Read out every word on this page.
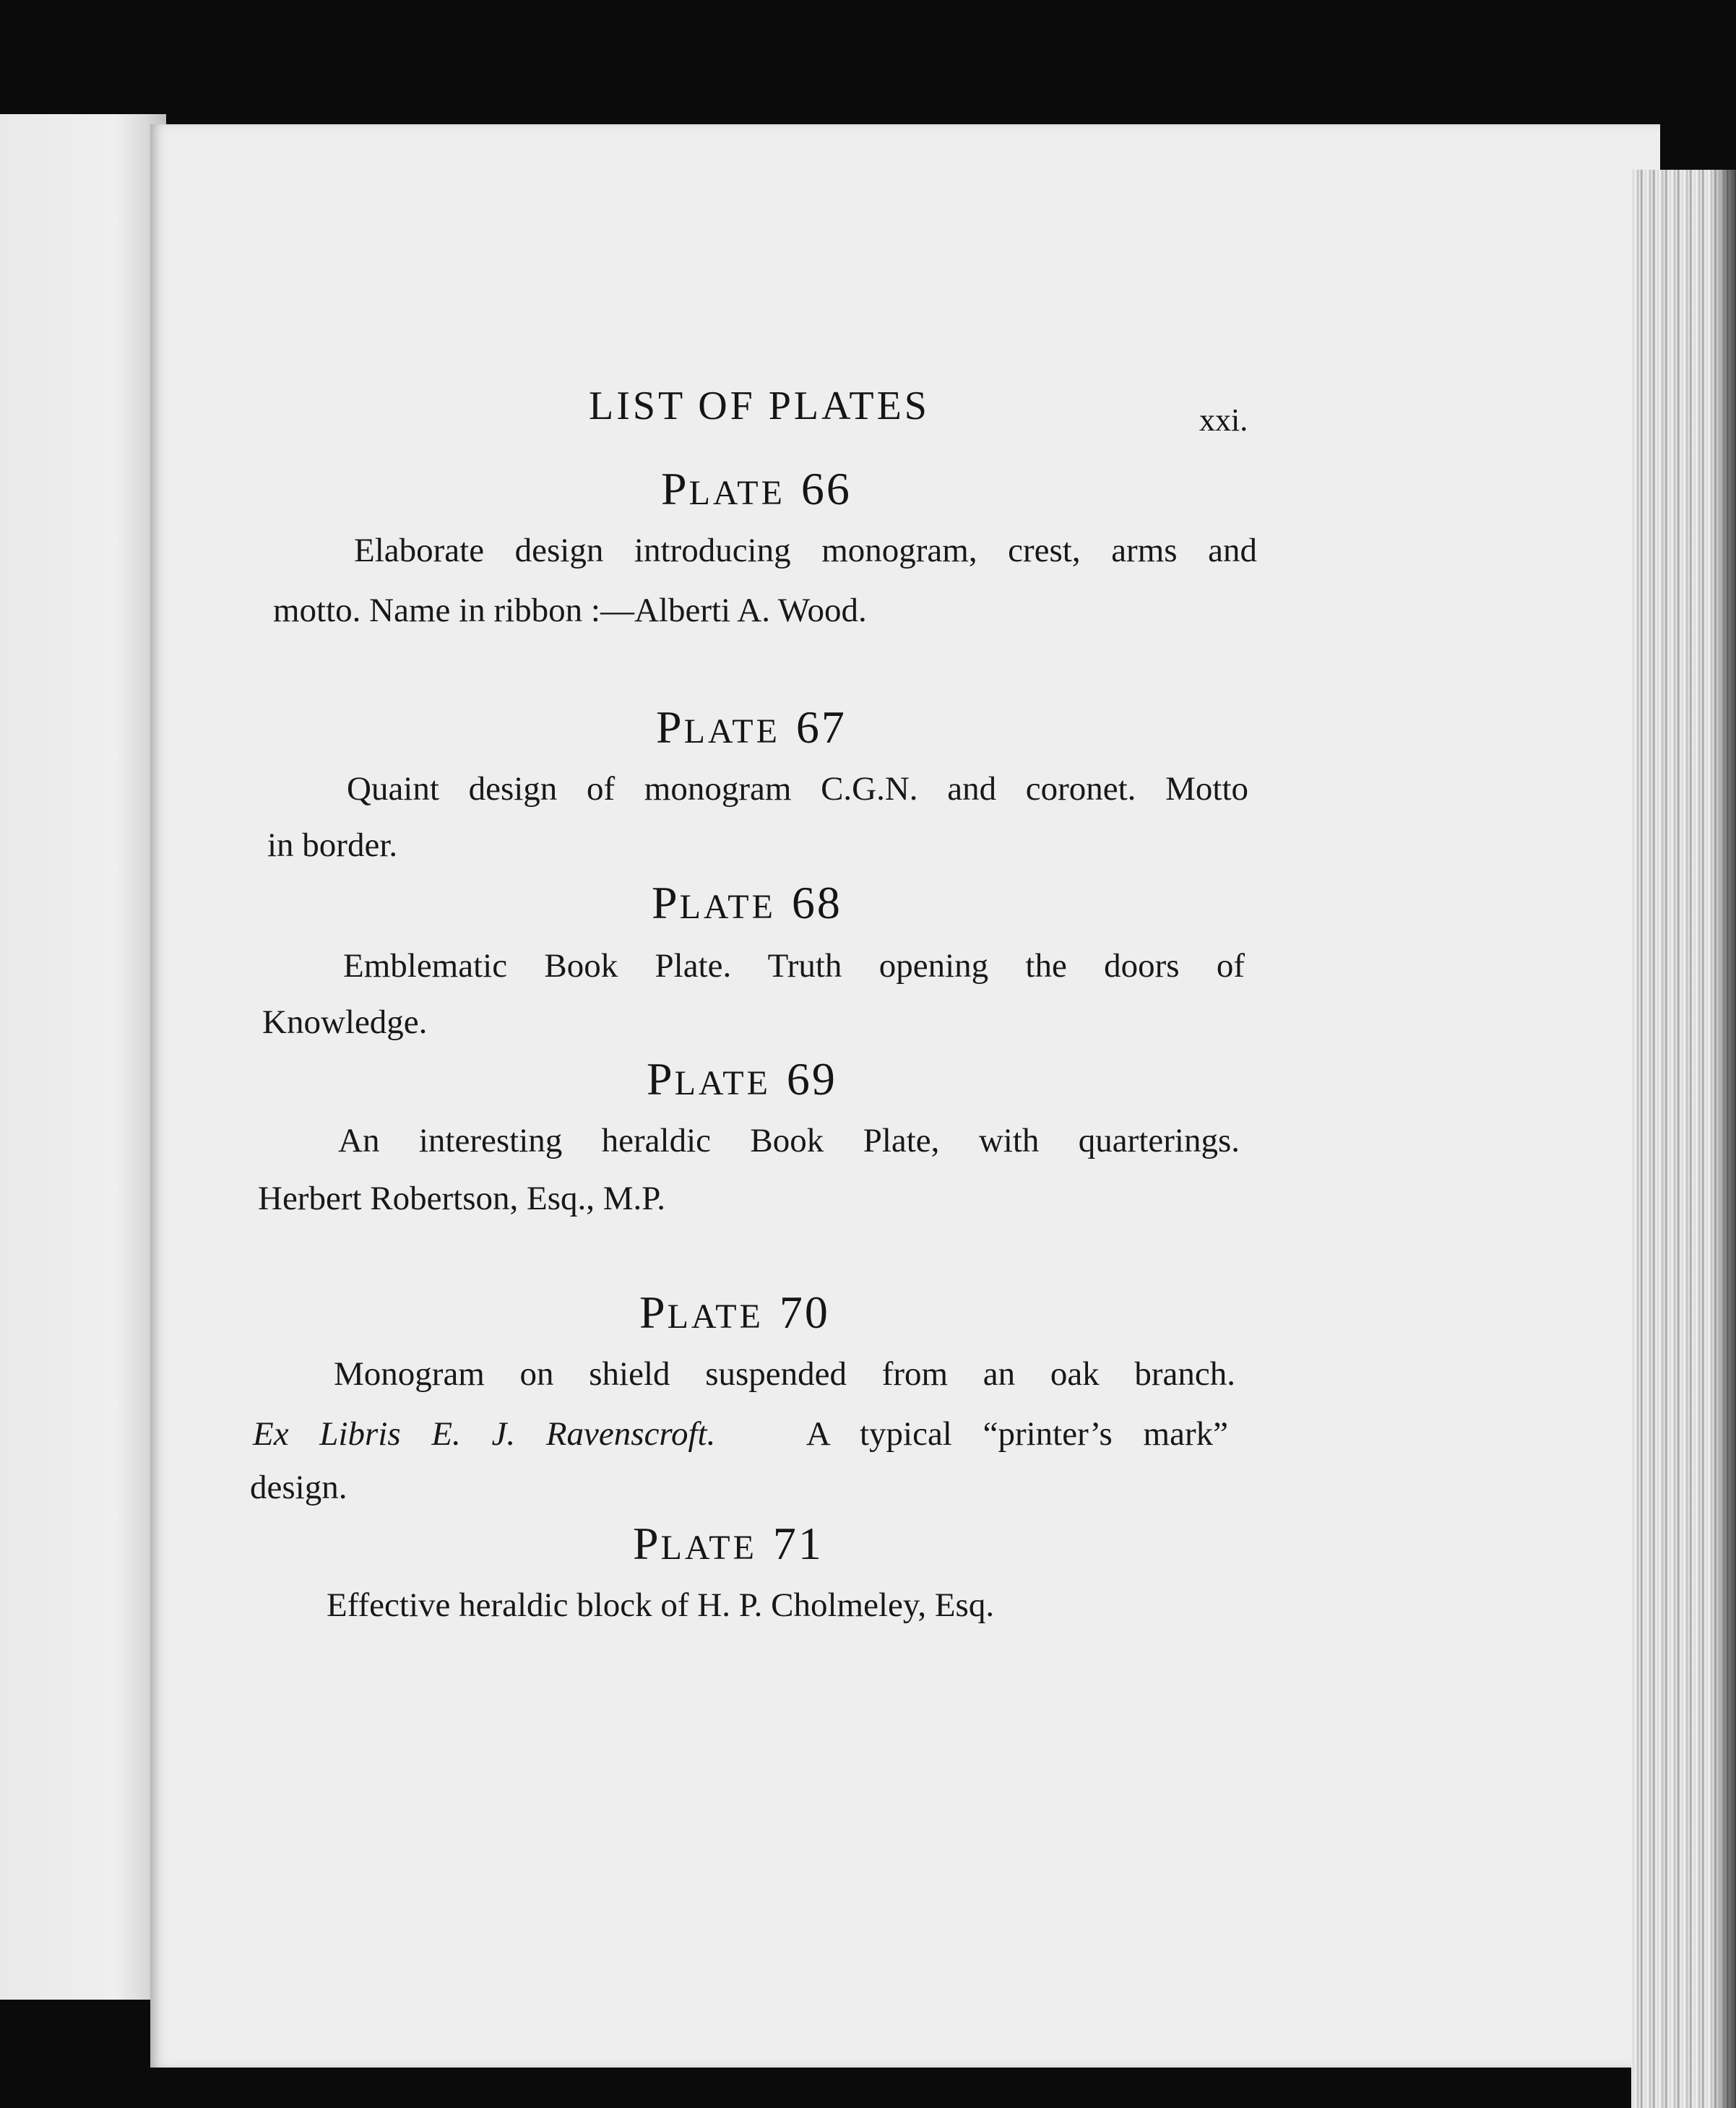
LIST OF PLATES	xxi.
PLATE 66
Elaborate design introducing monogram, crest, arms and
motto. Name in ribbon :—Alberti A. Wood.
PLATE 67
Quaint design of monogram C.G.N. and coronet. Motto
in border.
PLATE 68
Emblematic Book Plate. Truth opening the doors of
Knowledge.
PLATE 69
An interesting heraldic Book Plate, with quarterings.
Herbert Robertson, Esq., M.P.
PLATE 70
Monogram on shield suspended from an oak branch.
Ex Libris E. J. Ravenscroft.	A typical “printer’s mark”
design.
PLATE 71
Effective heraldic block of H. P. Cholmeley, Esq.
